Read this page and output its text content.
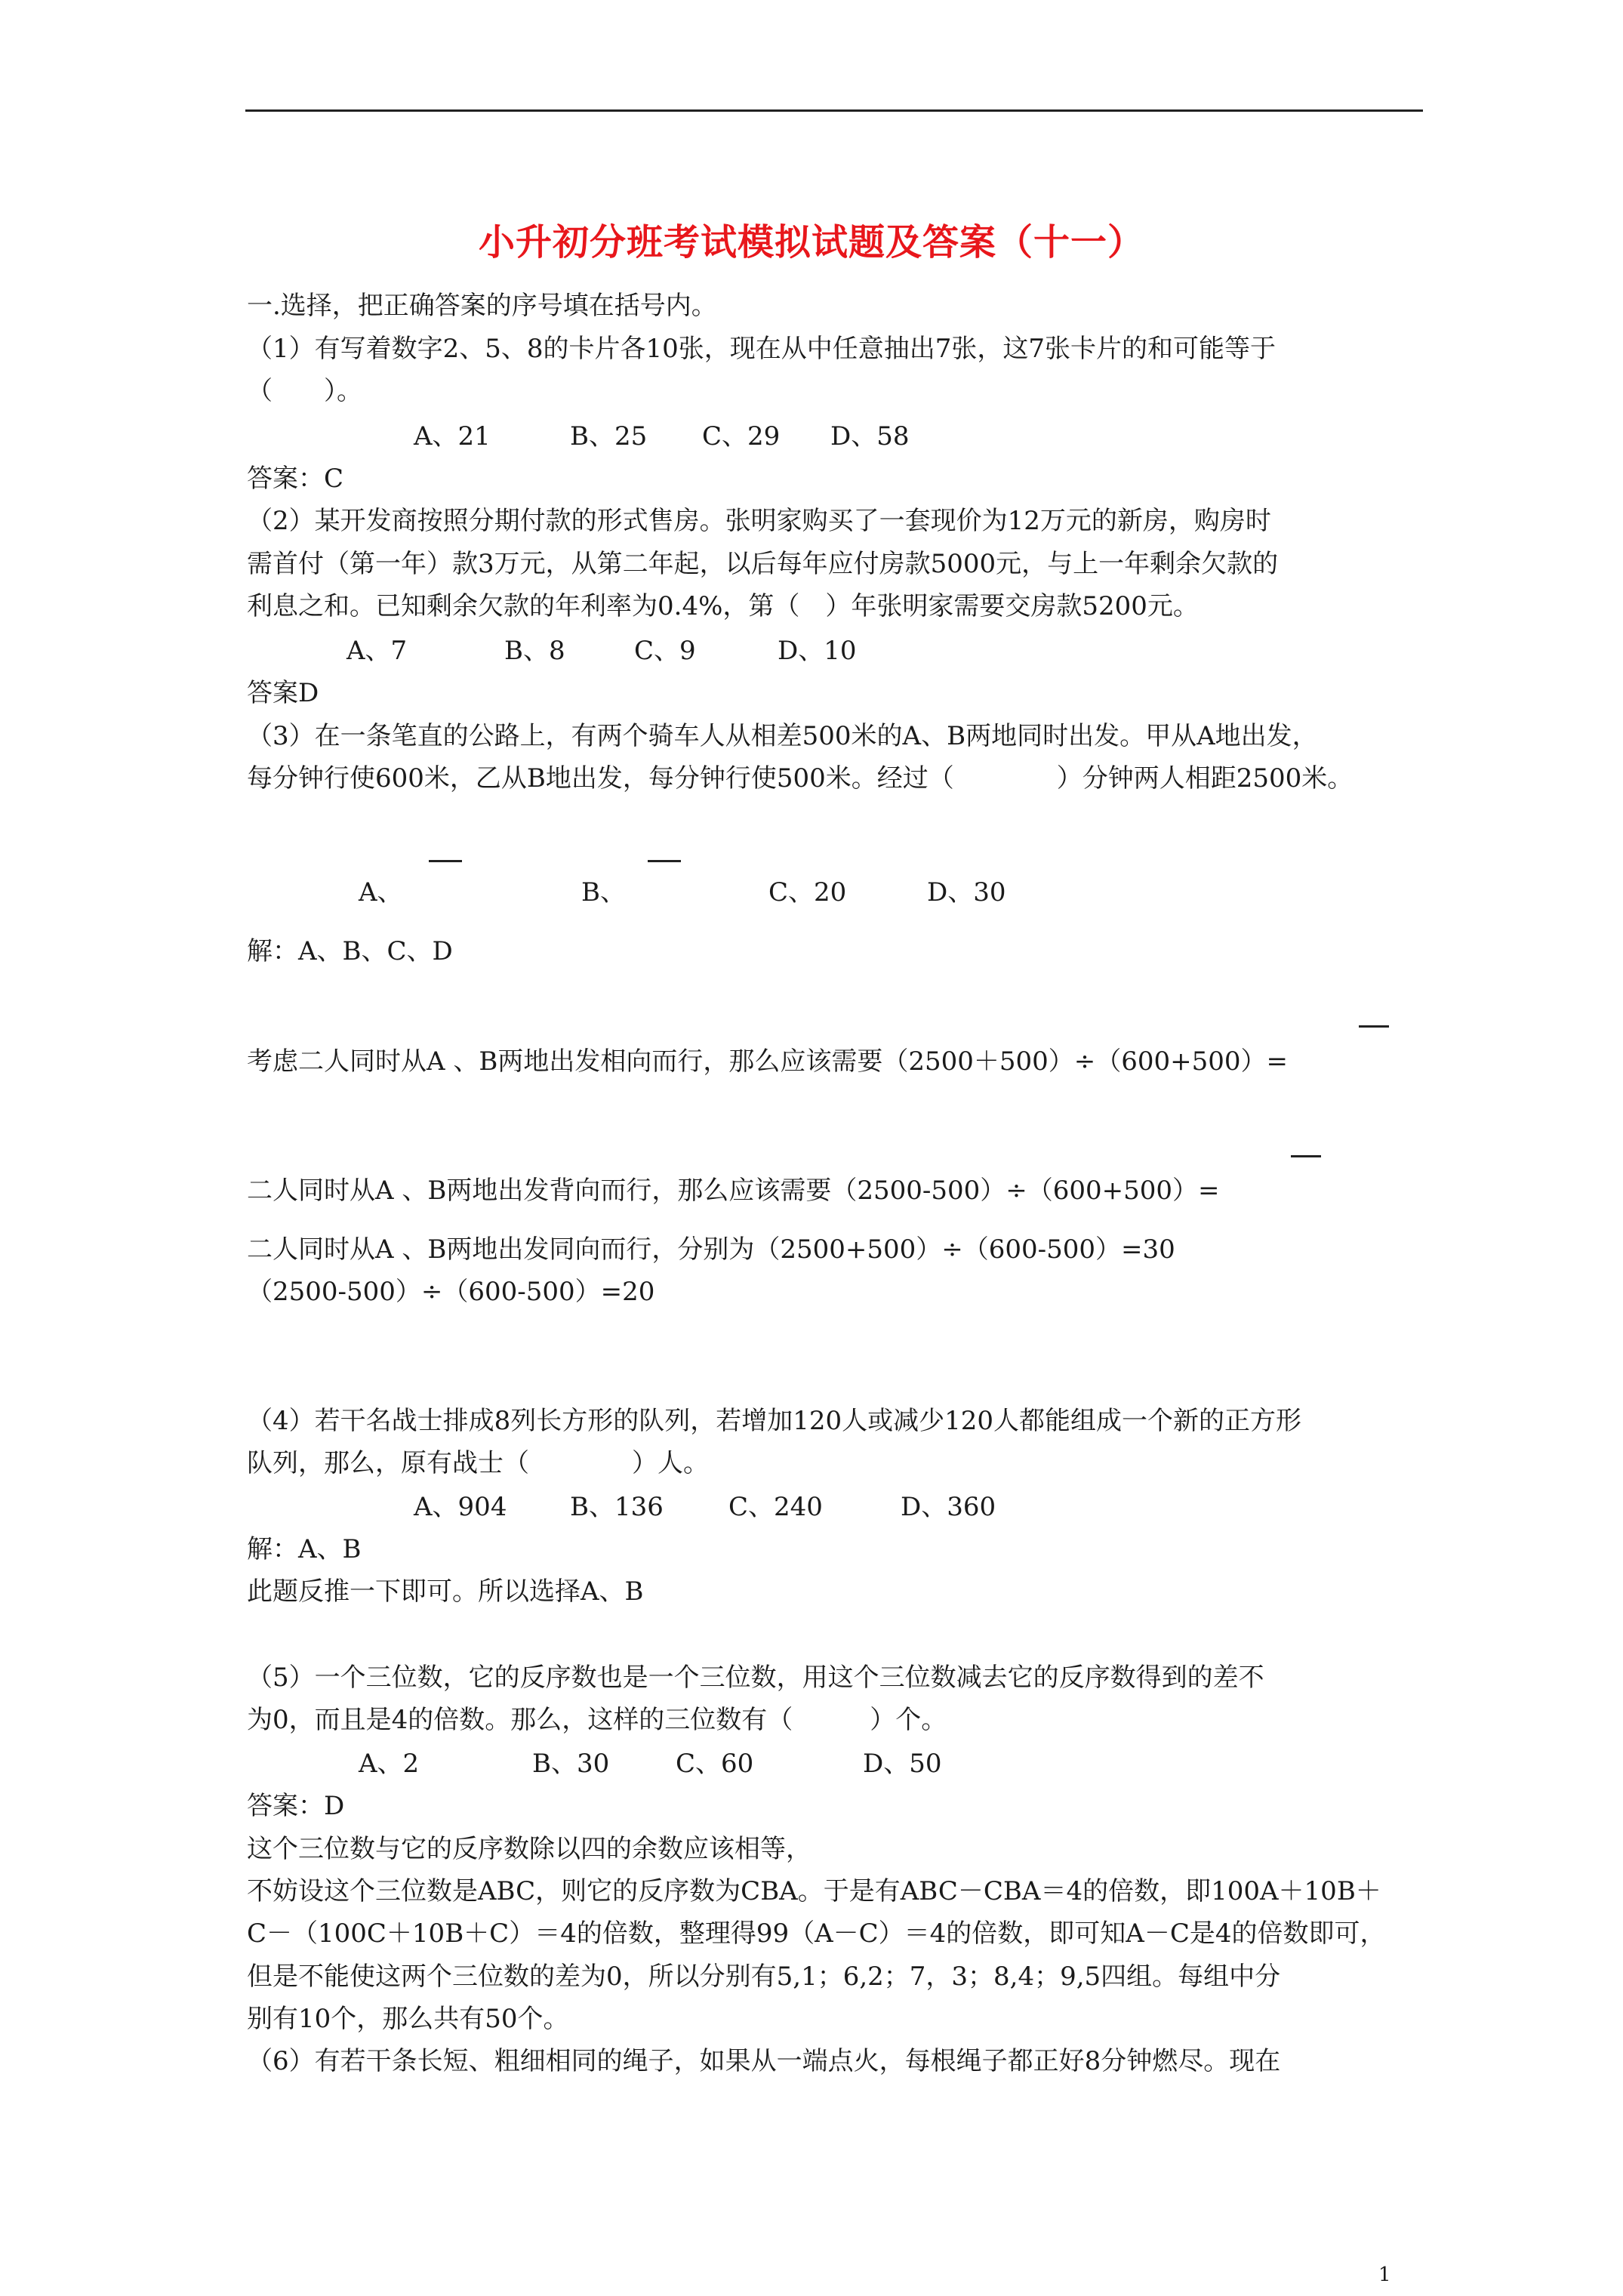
小升初分班考试模拟试题及答案（十一）
一.选择，把正确答案的序号填在括号内。
（1）有写着数字2、5、8的卡片各10张，现在从中任意抽出7张，这7张卡片的和可能等于
（　　）。
A、21	B、25 C、29 D、58
答案：C
（2）某开发商按照分期付款的形式售房。张明家购买了一套现价为12万元的新房，购房时
需首付（第一年）款3万元，从第二年起，以后每年应付房款5000元，与上一年剩余欠款的
利息之和。已知剩余欠款的年利率为0.4%，第（　）年张明家需要交房款5200元。
A、7	B、8	C、9	D、10
答案D
（3）在一条笔直的公路上，有两个骑车人从相差500米的A、B两地同时出发。甲从A地出发，
每分钟行使600米，乙从B地出发，每分钟行使500米。经过（　　　　）分钟两人相距2500米。
A、	B、	C、20	D、30
解：A、B、C、D
考虑二人同时从A 、B两地出发相向而行，那么应该需要（2500＋500）÷（600+500）=
二人同时从A 、B两地出发背向而行，那么应该需要（2500-500）÷（600+500）=
二人同时从A 、B两地出发同向而行，分别为（2500+500）÷（600-500）=30
（2500-500）÷（600-500）=20
（4）若干名战士排成8列长方形的队列，若增加120人或减少120人都能组成一个新的正方形
队列，那么，原有战士（　　　　）人。
A、904 B、136	C、240	D、360
解：A、B
此题反推一下即可。所以选择A、B
（5）一个三位数，它的反序数也是一个三位数，用这个三位数减去它的反序数得到的差不
为0，而且是4的倍数。那么，这样的三位数有（　　　）个。
A、2	B、30	C、60	D、50
答案：D
这个三位数与它的反序数除以四的余数应该相等，
不妨设这个三位数是ABC，则它的反序数为CBA。于是有ABC－CBA＝4的倍数，即100A＋10B＋
C－（100C＋10B＋C）＝4的倍数，整理得99（A－C）＝4的倍数，即可知A－C是4的倍数即可，
但是不能使这两个三位数的差为0，所以分别有5,1；6,2；7，3；8,4；9,5四组。每组中分
别有10个，那么共有50个。
（6）有若干条长短、粗细相同的绳子，如果从一端点火，每根绳子都正好8分钟燃尽。现在
1
